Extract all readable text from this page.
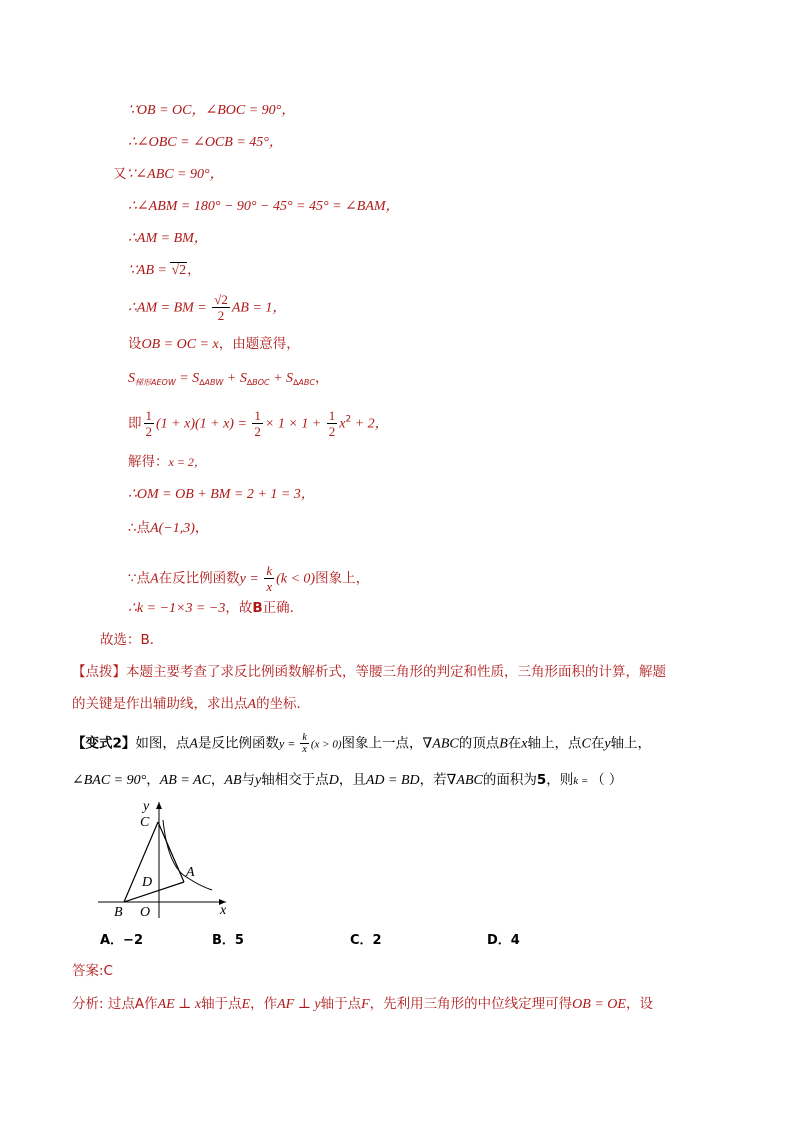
∵OB = OC，∠BOC = 90°，
∴∠OBC = ∠OCB = 45°，
又∵∠ABC = 90°，
∴∠ABM = 180° − 90° − 45° = 45° = ∠BAM，
∴AM = BM，
∵AB = √2，
∴AM = BM = $\frac{√2}{2}$ AB = 1，
设OB = OC = x，由题意得，
$S_{梯形AEOW} = S_{\Delta ABW} + S_{\Delta BOC} + S_{\Delta ABC}$，
即 $\frac{1}{2} (1 + x)(1 + x) = \frac{1}{2} \times 1 \times 1 + \frac{1}{2} x^2 + 2$，
解得：x = 2，
∴OM = OB + BM = 2 + 1 = 3，
∴点A(−1,3)，
∵点A在反比例函数$y = \frac{k}{x} (k < 0)$图象上，
∴k = −1×3 = −3，故B正确．
故选：B．
【点拨】本题主要考查了求反比例函数解析式，等腰三角形的判定和性质，三角形面积的计算，解题
的关键是作出辅助线，求出点A的坐标．
【变式2】如图，点A是反比例函数$y = \frac{k}{x} (x > 0)$图象上一点，∇ABC的顶点B在x轴上，点C在y轴上，
∠BAC = 90°，AB = AC，AB与y轴相交于点D，且AD = BD，若∇ABC的面积为5，则k = （ ）
y
C
A
D
B O	x
A．−2	B．5	C．2	D．4
答案:C
分析: 过点A作AE ⊥ x轴于点E，作AF ⊥ y轴于点F，先利用三角形的中位线定理可得OB = OE，设
